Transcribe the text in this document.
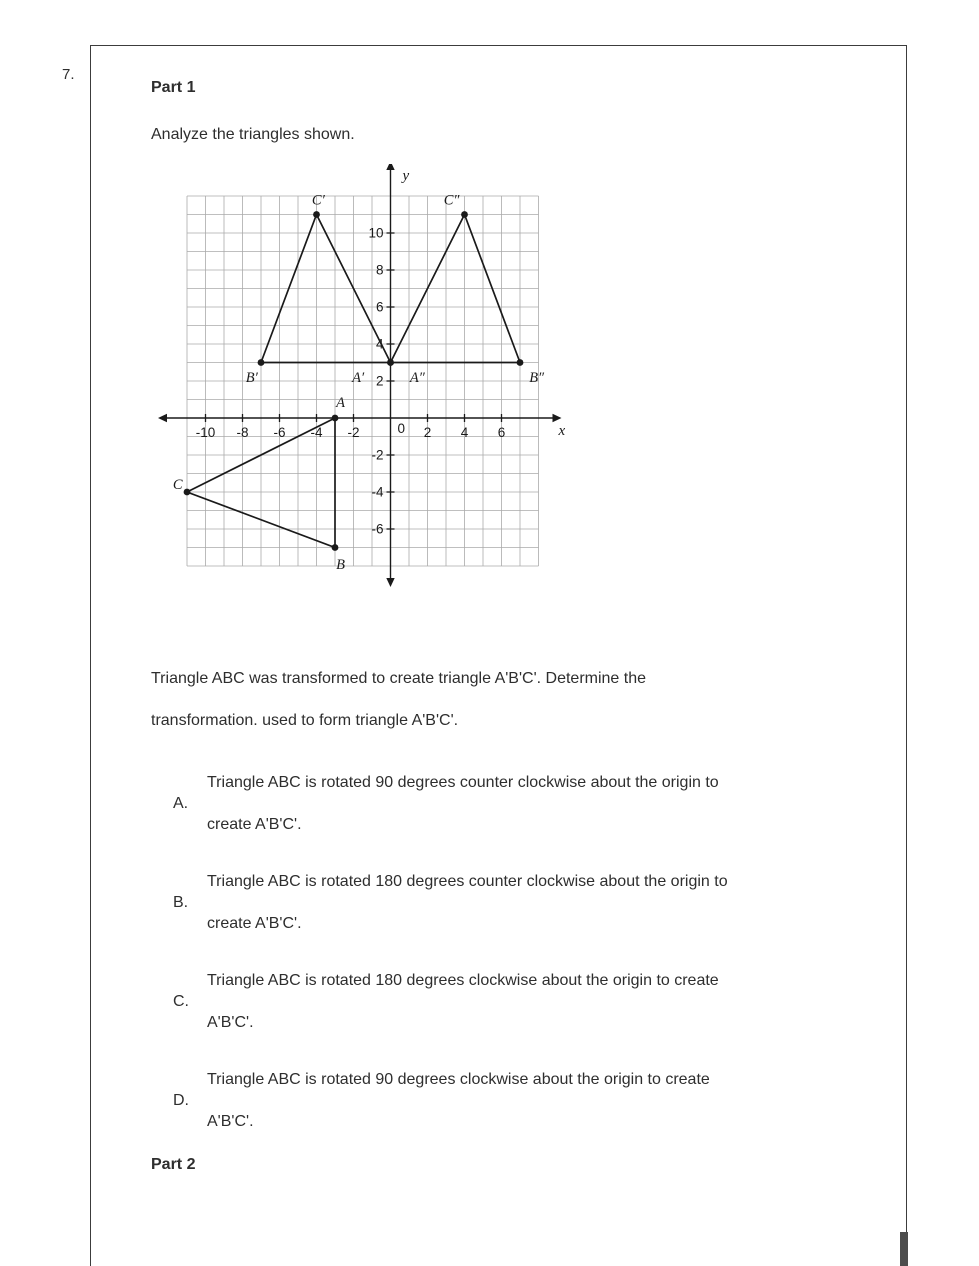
7.
Part 1
Analyze the triangles shown.
-10 -8 -6 -4 -2	2 4 6
10
8
6
4
2
-2
-4
-6
0
y
x
A
B
C
A′
B′
C′
A″	B″
C″
Triangle ABC was transformed to create triangle A'B'C'. Determine the
transformation. used to form triangle A'B'C'.
A.
Triangle ABC is rotated 90 degrees counter clockwise about the origin to
create A'B'C'.
B.
Triangle ABC is rotated 180 degrees counter clockwise about the origin to
create A'B'C'.
C.
Triangle ABC is rotated 180 degrees clockwise about the origin to create
A'B'C'.
D.
Triangle ABC is rotated 90 degrees clockwise about the origin to create
A'B'C'.
Part 2
